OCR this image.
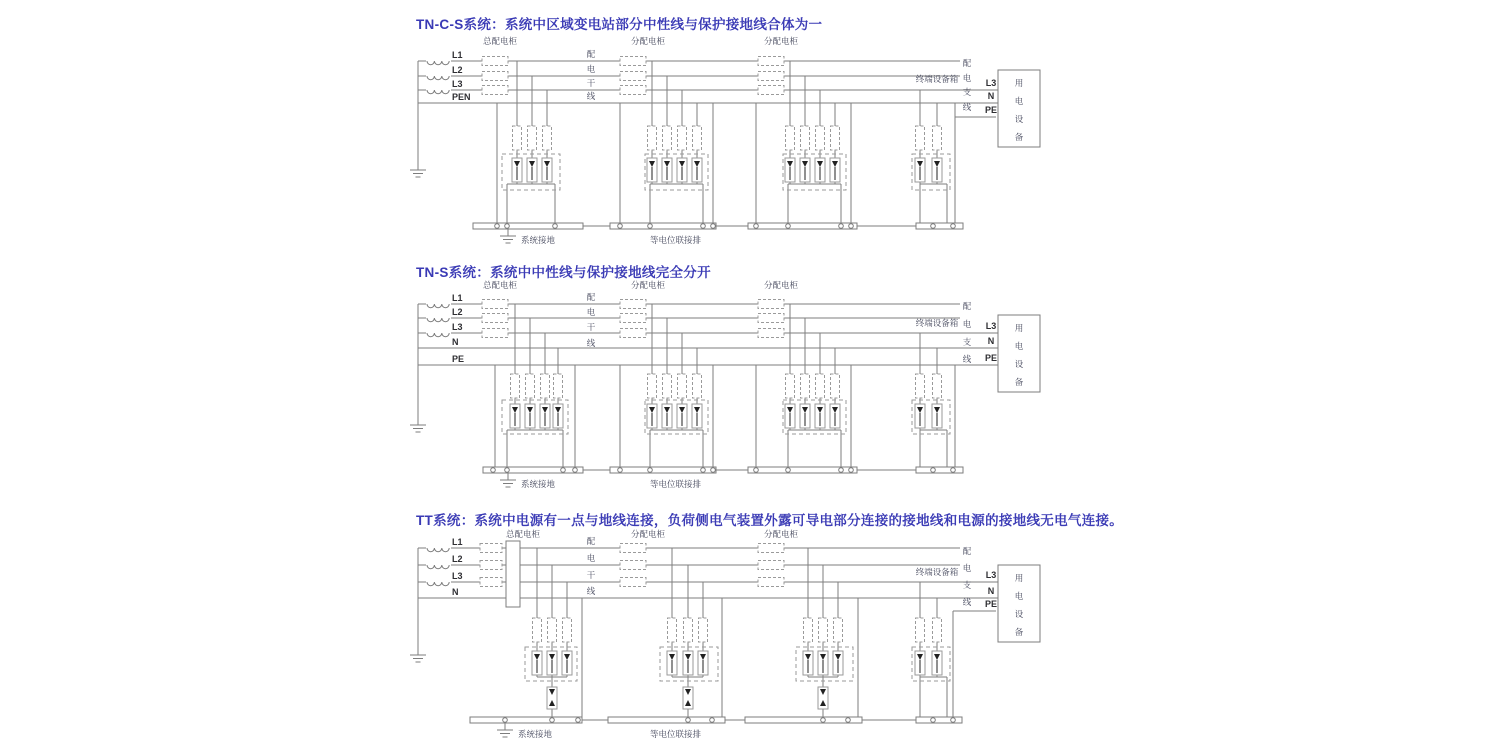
TN-C-S系统：系统中区域变电站部分中性线与保护接地线合体为一
TN-S系统：系统中中性线与保护接地线完全分开
TT系统：系统中电源有一点与地线连接，负荷侧电气装置外露可导电部分连接的接地线和电源的接地线无电气连接。
L1
L2
L3
PEN
系统接地	等电位联接排
总配电柜	分配电柜	分配电柜
配
电
干
线
配
电
支
线
终端设备箱	L3
N
PE
用
电
设
备
L1
L2
L3
N
PE
系统接地	等电位联接排
总配电柜	分配电柜	分配电柜
配
电
干
线
配
电
支
线
终端设备箱	L3
N
PE
用
电
设
备
L1
L2
L3
N
系统接地	等电位联接排
总配电柜	分配电柜	分配电柜
配
电
干
线
配
电
支
线
终端设备箱	L3
N
PE
用
电
设
备
